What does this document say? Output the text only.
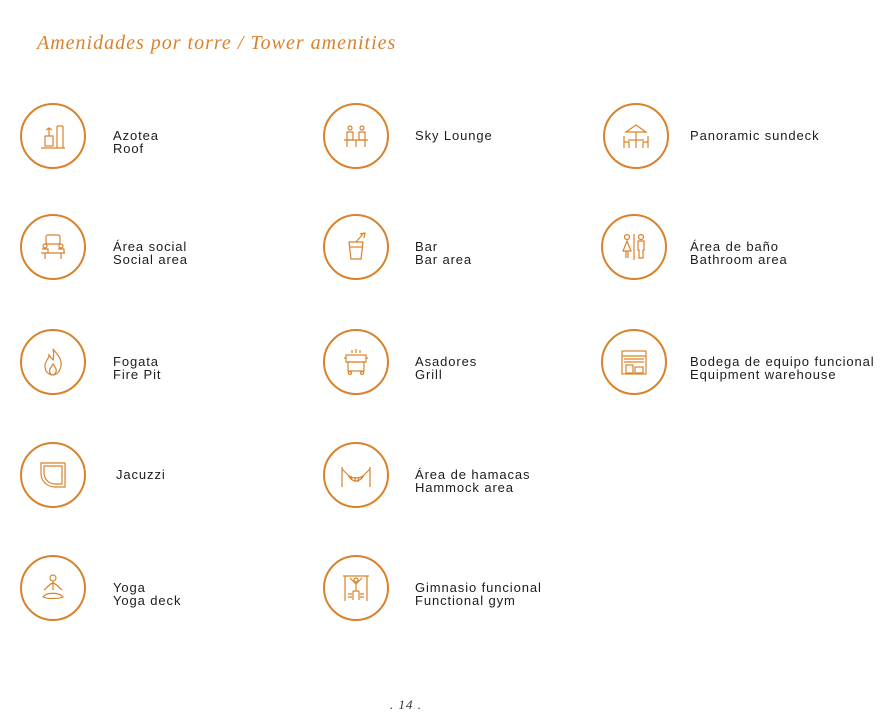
Amenidades por torre / Tower amenities
Azotea
Roof
Sky Lounge	Panoramic sundeck
Área social
Social area
Bar
Bar area
Área de baño
Bathroom area
Fogata
Fire Pit
Asadores
Grill
Bodega de equipo funcional
Equipment warehouse
Jacuzzi	Área de hamacas
Hammock area
Yoga
Yoga deck
Gimnasio funcional
Functional gym
. 14 .
